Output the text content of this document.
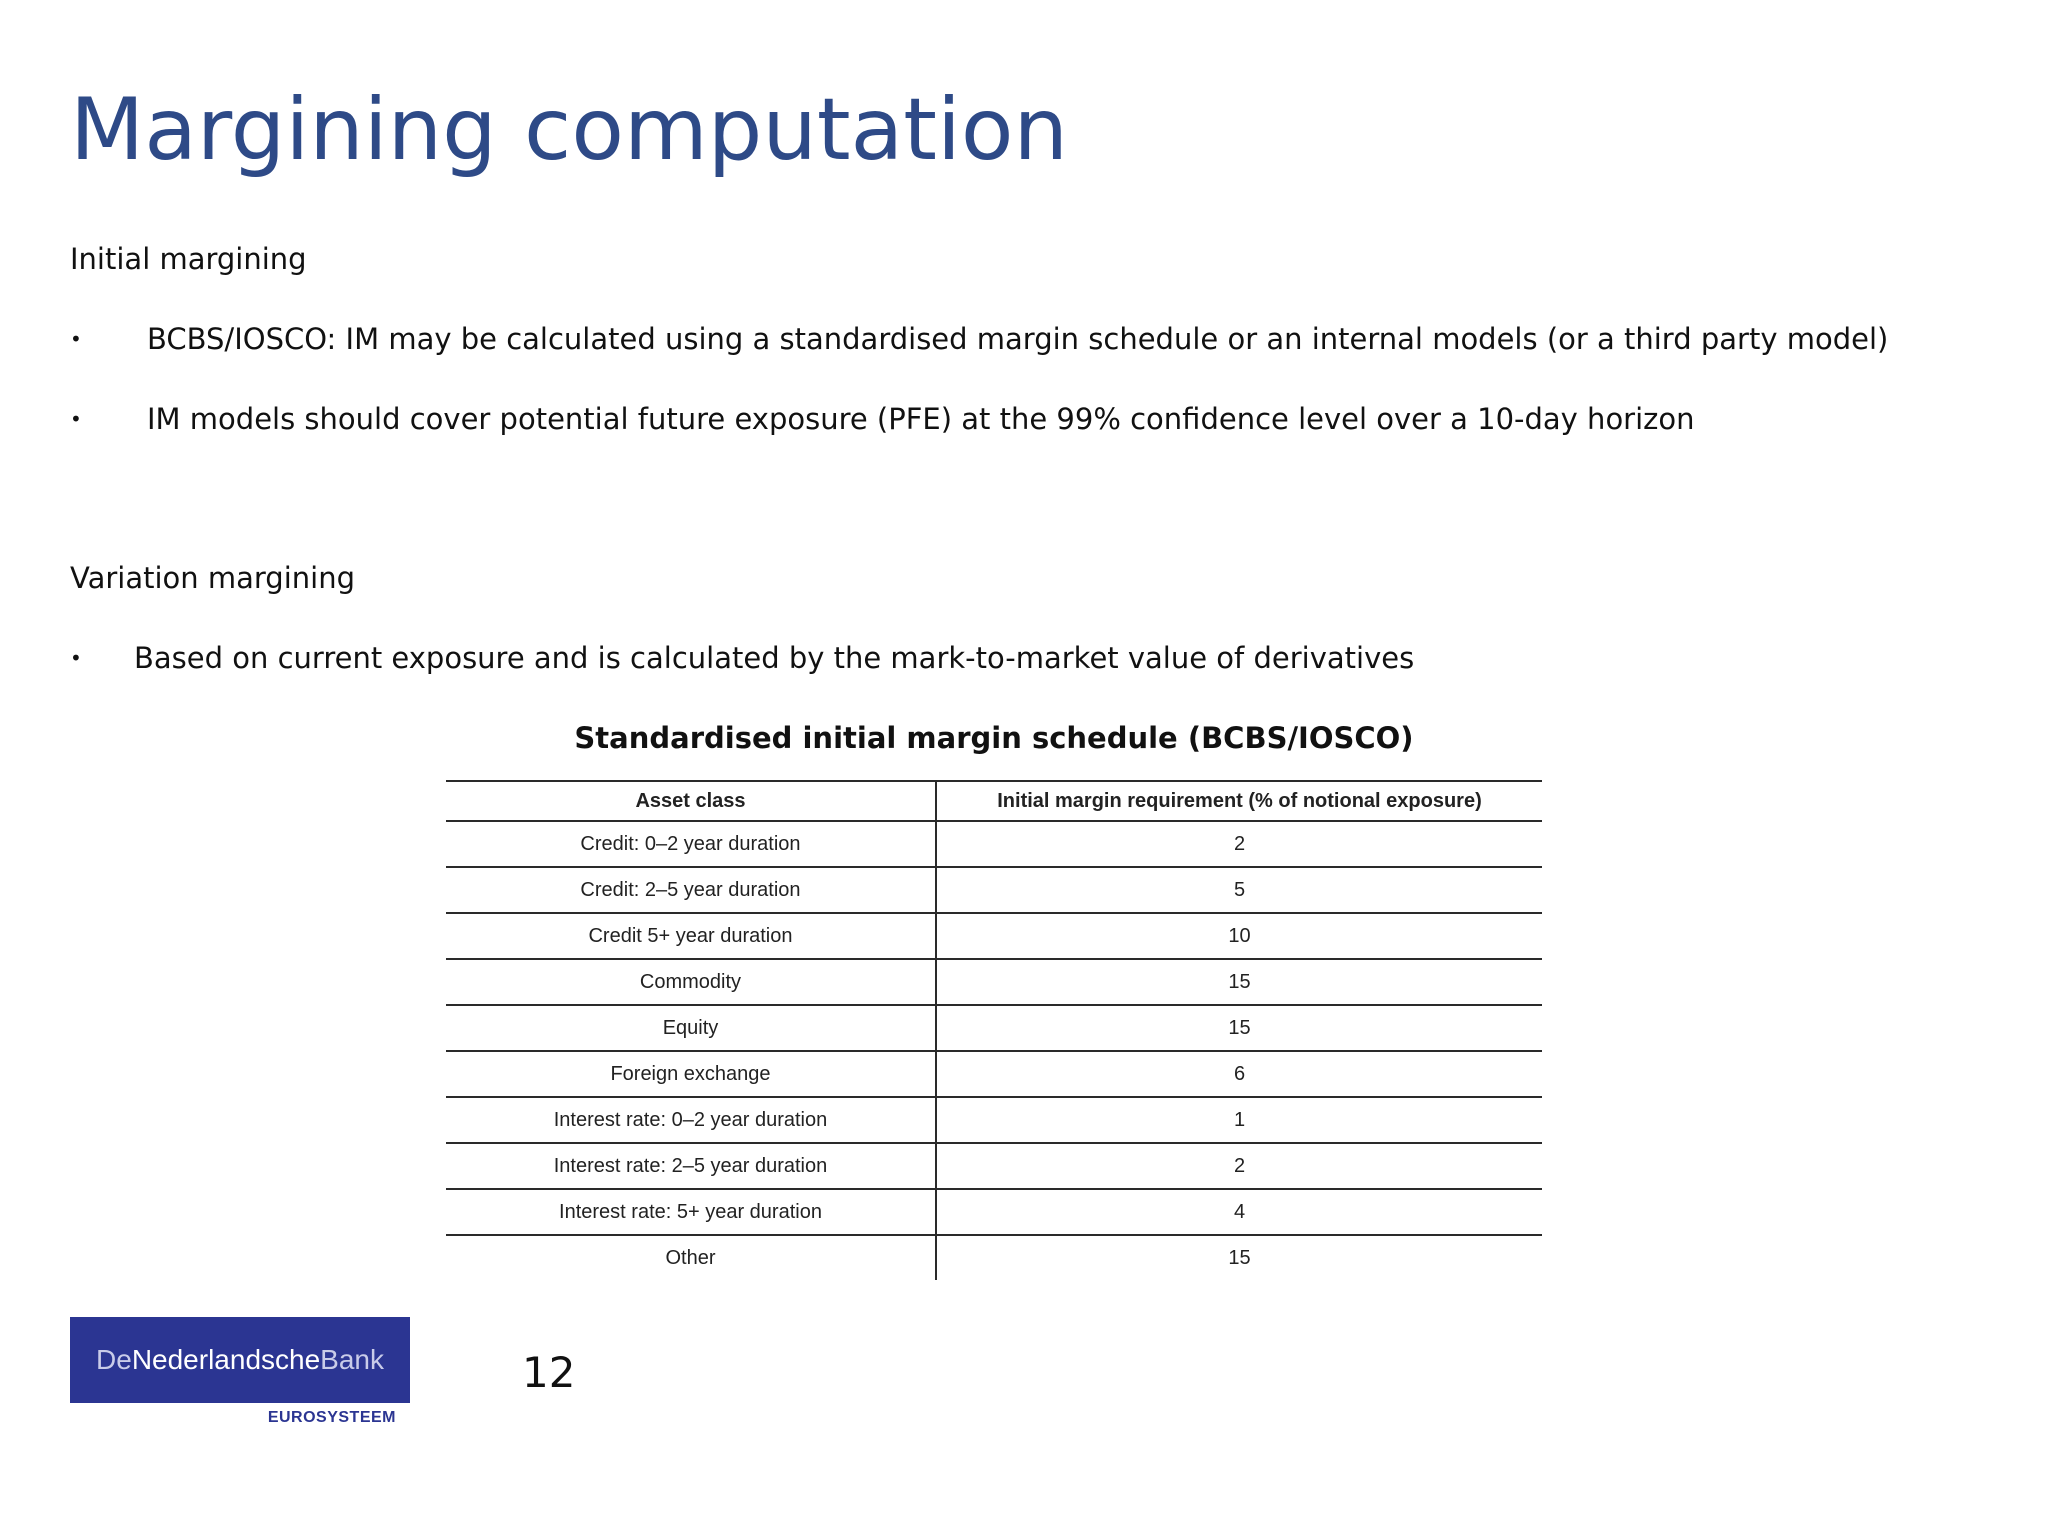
Margining computation
Initial margining
• BCBS/IOSCO: IM may be calculated using a standardised margin schedule or an internal models (or a third party model)
• IM models should cover potential future exposure (PFE) at the 99% confidence level over a 10-day horizon
Variation margining
• Based on current exposure and is calculated by the mark-to-market value of derivatives
Standardised initial margin schedule (BCBS/IOSCO)
Asset class	Initial margin requirement (% of notional exposure)
Credit: 0–2 year duration	2
Credit: 2–5 year duration	5
Credit 5+ year duration	10
Commodity	15
Equity	15
Foreign exchange	6
Interest rate: 0–2 year duration	1
Interest rate: 2–5 year duration	2
Interest rate: 5+ year duration	4
Other	15
DeNederlandscheBank
EUROSYSTEEM
12
